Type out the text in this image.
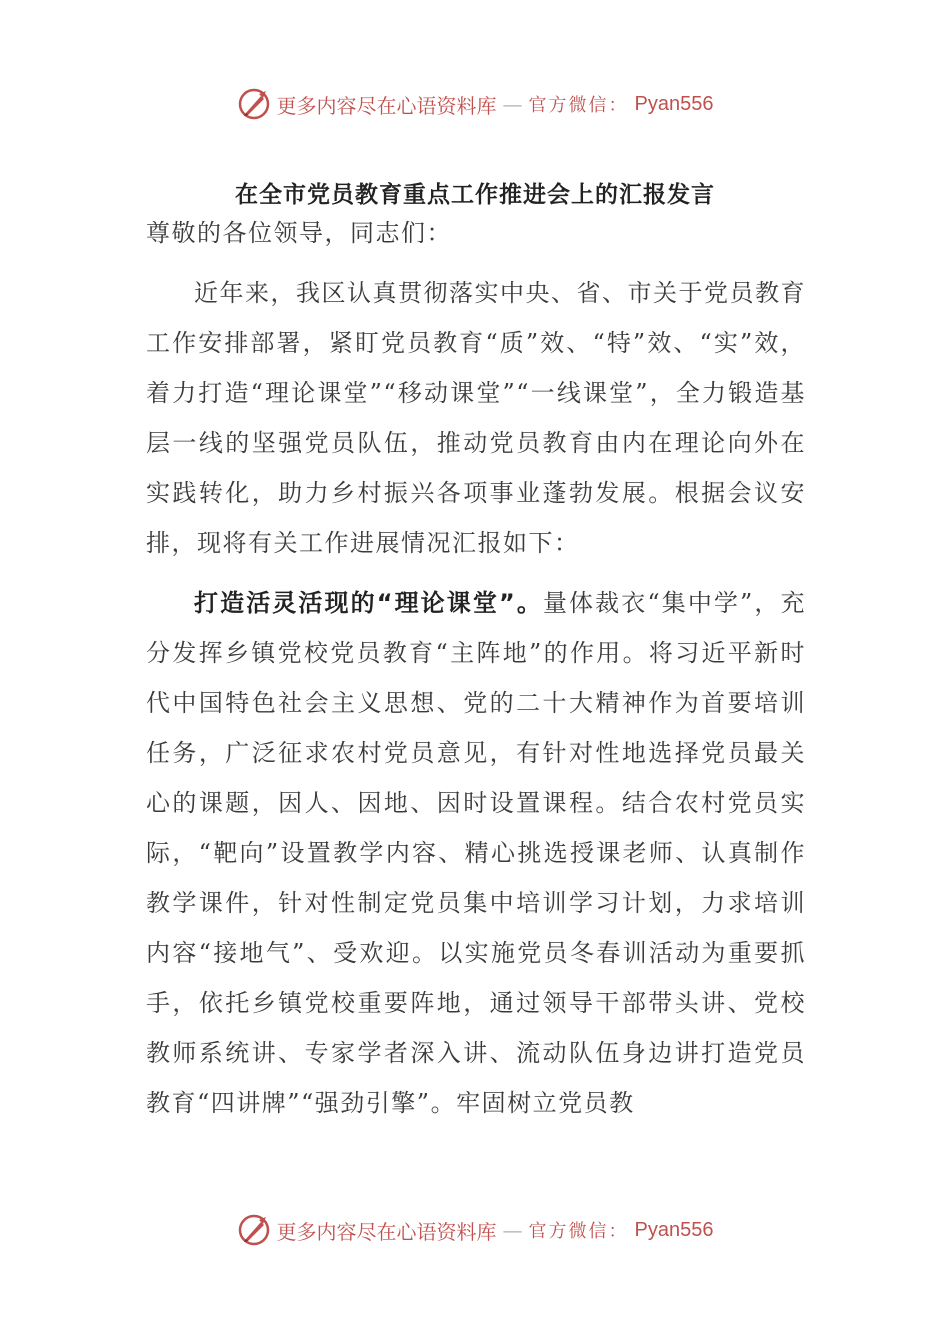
更多内容尽在心语资料库 — 官方微信： Pyan556
在全市党员教育重点工作推进会上的汇报发言

尊敬的各位领导，同志们：

近年来，我区认真贯彻落实中央、省、市关于党员教育工作安排部署，紧盯党员教育“质”效、“特”效、“实”效，着力打造“理论课堂”“移动课堂”“一线课堂”，全力锻造基层一线的坚强党员队伍，推动党员教育由内在理论向外在实践转化，助力乡村振兴各项事业蓬勃发展。根据会议安排，现将有关工作进展情况汇报如下：

打造活灵活现的“理论课堂”。量体裁衣“集中学”，充分发挥乡镇党校党员教育“主阵地”的作用。将习近平新时代中国特色社会主义思想、党的二十大精神作为首要培训任务，广泛征求农村党员意见，有针对性地选择党员最关心的课题，因人、因地、因时设置课程。结合农村党员实际，“靶向”设置教学内容、精心挑选授课老师、认真制作教学课件，针对性制定党员集中培训学习计划，力求培训内容“接地气”、受欢迎。以实施党员冬春训活动为重要抓手，依托乡镇党校重要阵地，通过领导干部带头讲、党校教师系统讲、专家学者深入讲、流动队伍身边讲打造党员教育“四讲牌”“强劲引擎”。牢固树立党员教

更多内容尽在心语资料库 — 官方微信： Pyan556
